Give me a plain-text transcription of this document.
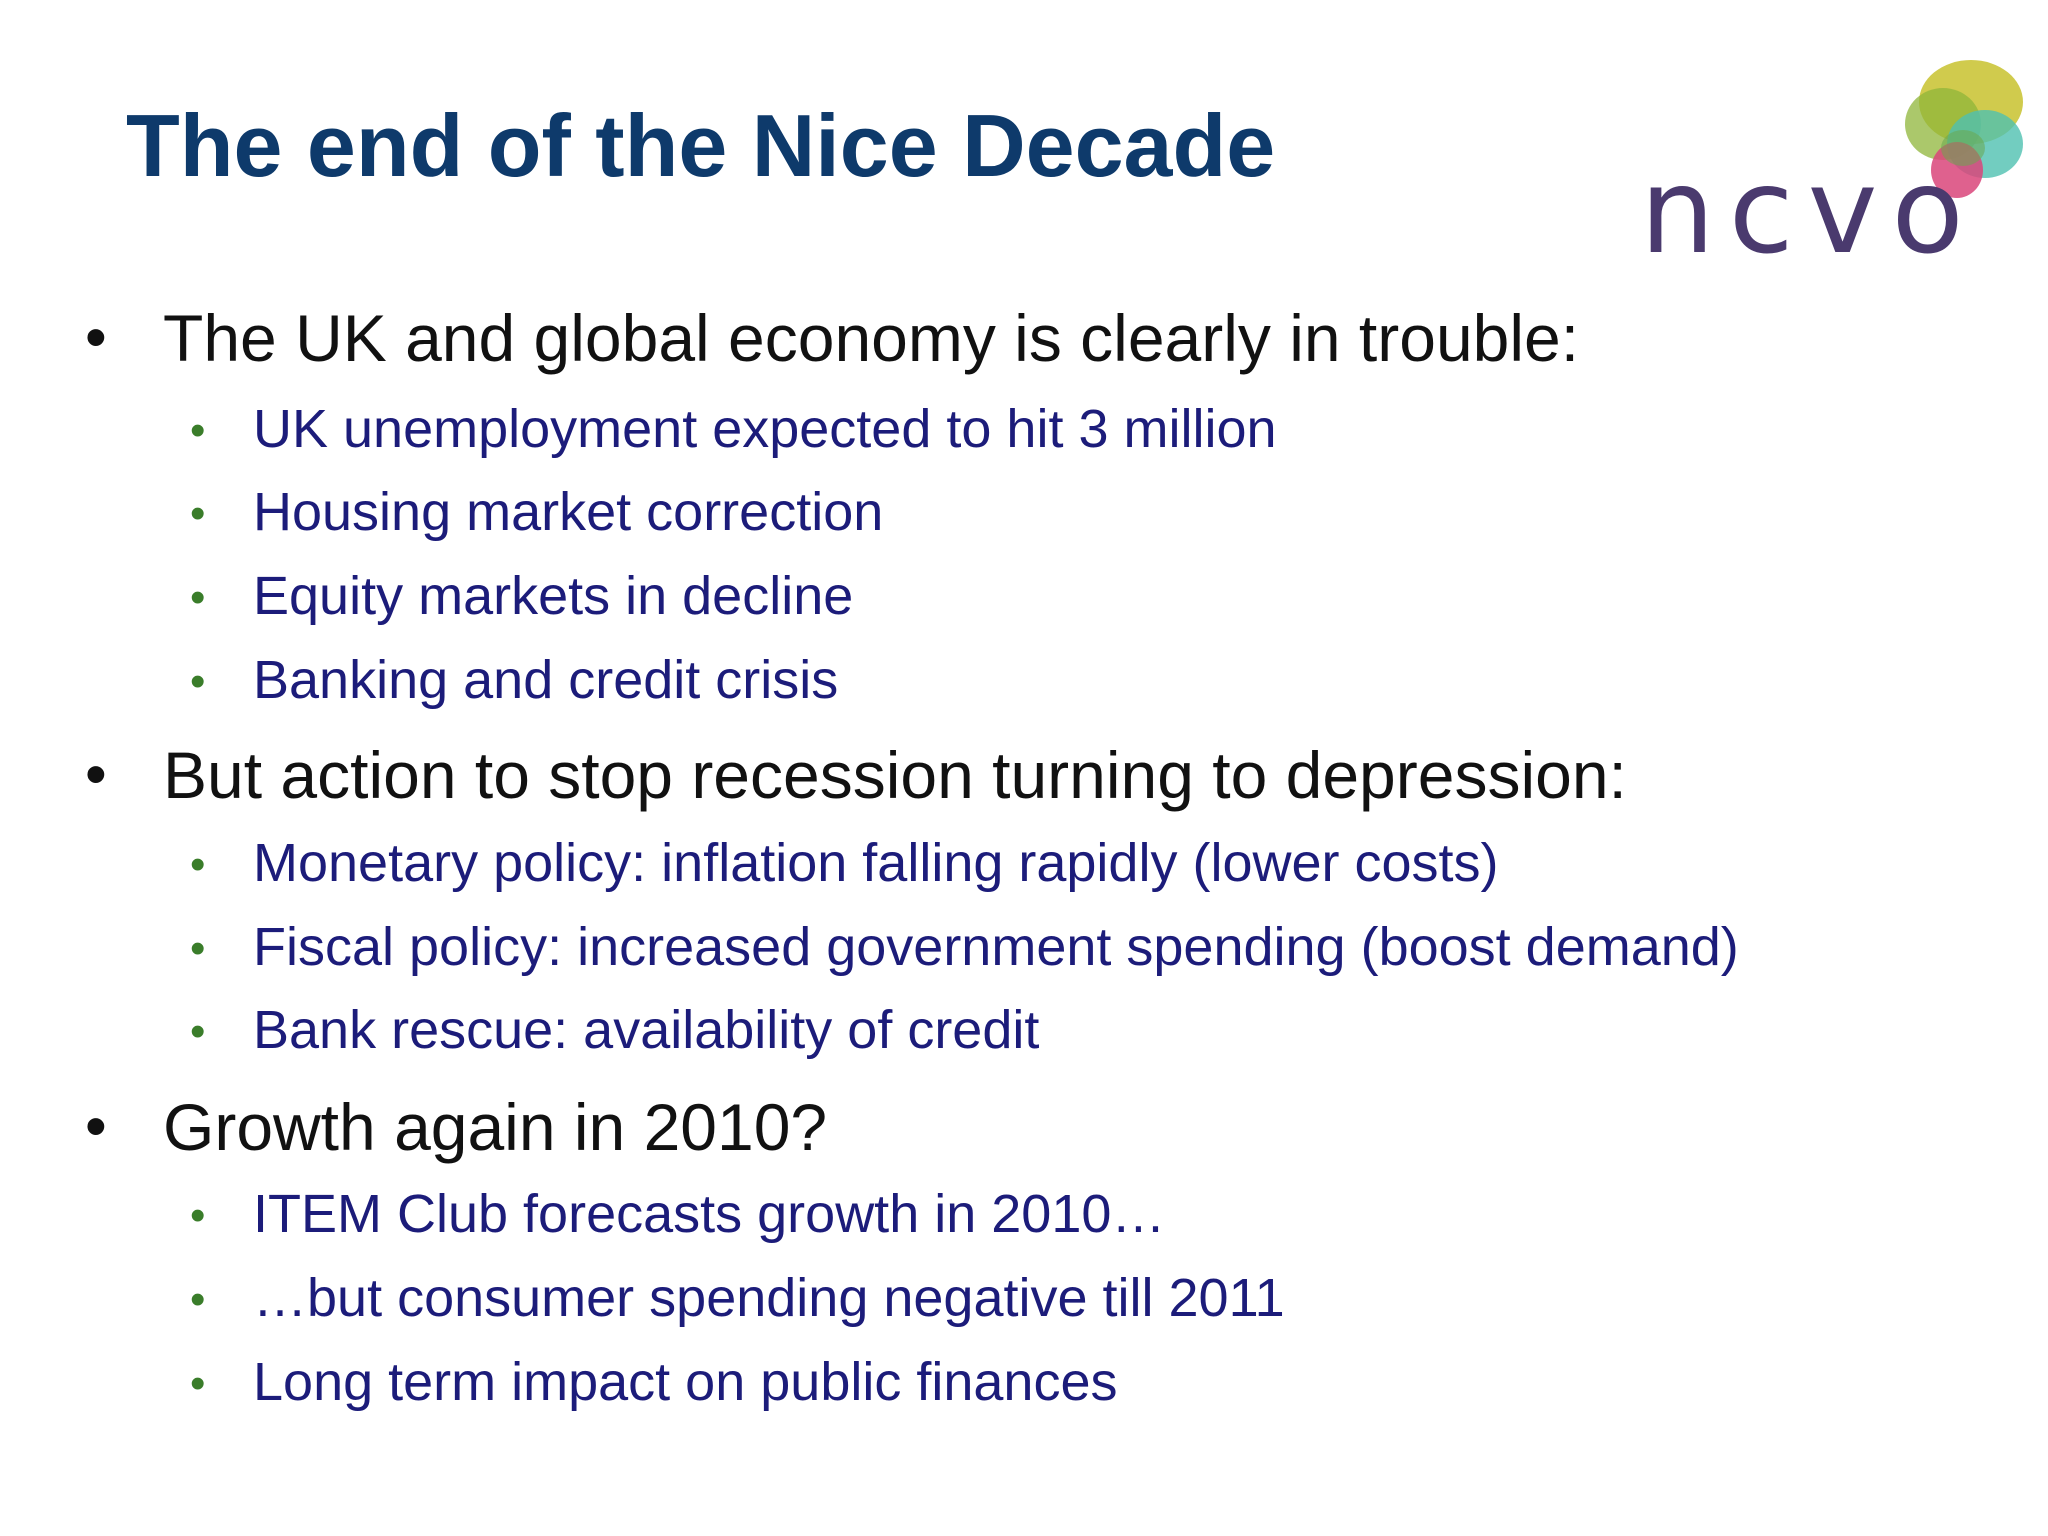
The end of the Nice Decade	ncvo
• The UK and global economy is clearly in trouble:
• UK unemployment expected to hit 3 million
• Housing market correction
• Equity markets in decline
• Banking and credit crisis
• But action to stop recession turning to depression:
• Monetary policy: inflation falling rapidly (lower costs)
• Fiscal policy: increased government spending (boost demand)
• Bank rescue: availability of credit
• Growth again in 2010?
• ITEM Club forecasts growth in 2010…
• …but consumer spending negative till 2011
• Long term impact on public finances
